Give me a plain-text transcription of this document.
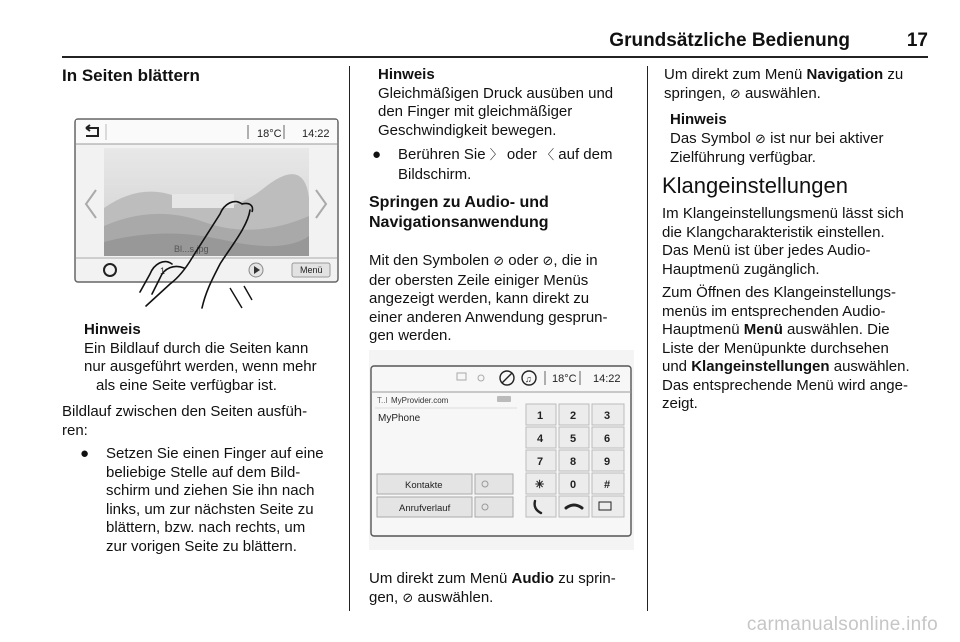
Grundsätzliche Bedienung	17
In Seiten blättern
18°C 14:22
Bl...s.jpg
1	Menü
Hinweis
Ein Bildlauf durch die Seiten kann
nur ausgeführt werden, wenn mehr
als eine Seite verfügbar ist.
Bildlauf zwischen den Seiten ausfüh-
ren:
●	Setzen Sie einen Finger auf eine
beliebige Stelle auf dem Bild-
schirm und ziehen Sie ihn nach
links, um zur nächsten Seite zu
blättern, bzw. nach rechts, um
zur vorigen Seite zu blättern.
Hinweis
Gleichmäßigen Druck ausüben und
den Finger mit gleichmäßiger
Geschwindigkeit bewegen.
●	Berühren Sie 〉 oder 〈 auf dem
Bildschirm.
Springen zu Audio- und
Navigationsanwendung
Mit den Symbolen ⊘ oder ⊘, die in
der obersten Zeile einiger Menüs
angezeigt werden, kann direkt zu
einer anderen Anwendung gesprun-
gen werden.
♫ 18°C 14:22
T..l MyProvider.com
MyPhone	1 2	3
4 5	6
7 8	9
✳ 0	#
Kontakte
Anrufverlauf
Um direkt zum Menü Audio zu sprin-
gen, ⊘ auswählen.
Um direkt zum Menü Navigation zu
springen, ⊘ auswählen.
Hinweis
Das Symbol ⊘ ist nur bei aktiver
Zielführung verfügbar.
Klangeinstellungen
Im Klangeinstellungsmenü lässt sich
die Klangcharakteristik einstellen.
Das Menü ist über jedes Audio-
Hauptmenü zugänglich.
Zum Öffnen des Klangeinstellungs-
menüs im entsprechenden Audio-
Hauptmenü Menü auswählen. Die
Liste der Menüpunkte durchsehen
und Klangeinstellungen auswählen.
Das entsprechende Menü wird ange-
zeigt.
carmanualsonline.info
